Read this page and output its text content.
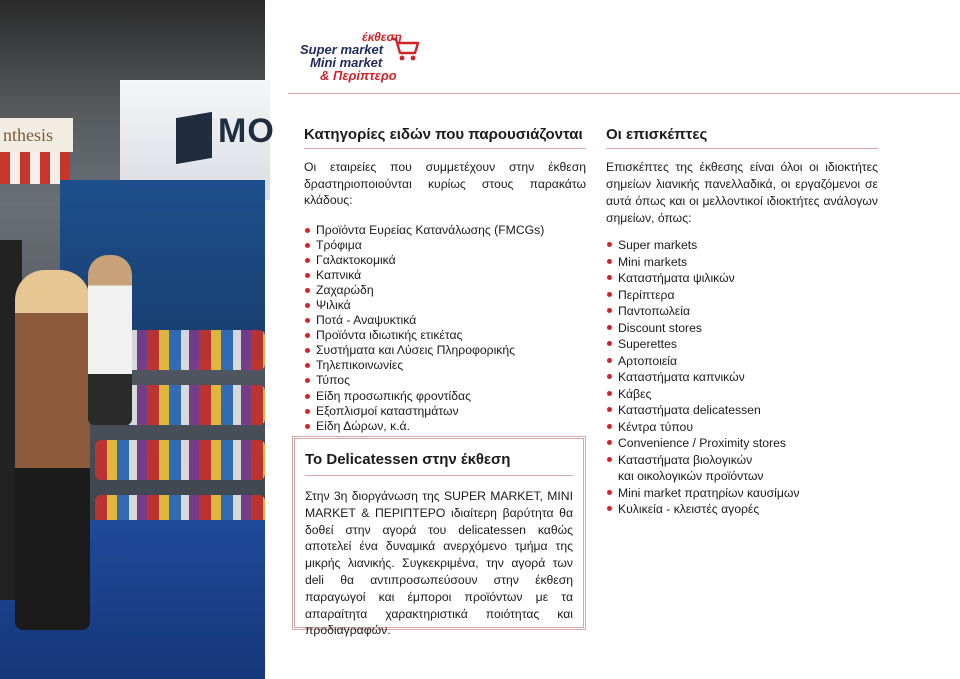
MO
nthesis
έκθεση
Super market
Mini market
& Περίπτερο
Κατηγορίες ειδών που παρουσιάζονται

Οι εταιρείες που συμμετέχουν στην έκθεση δραστηριοποιούνται κυρίως στους παρακάτω κλάδους:

Προϊόντα Ευρείας Κατανάλωσης (FMCGs)
Τρόφιμα
Γαλακτοκομικά
Καπνικά
Ζαχαρώδη
Ψιλικά
Ποτά - Αναψυκτικά
Προϊόντα ιδιωτικής ετικέτας
Συστήματα και Λύσεις Πληροφορικής
Τηλεπικοινωνίες
Τύπος
Είδη προσωπικής φροντίδας
Εξοπλισμοί καταστημάτων
Είδη Δώρων, κ.ά.
Το Delicatessen στην έκθεση

Στην 3η διοργάνωση της SUPER MARKET, MINI MARKET & ΠΕΡΙΠΤΕΡΟ ιδιαίτερη βαρύτητα θα δοθεί στην αγορά του delicatessen καθώς αποτελεί ένα δυναμικά ανερχόμενο τμήμα της μικρής λιανικής. Συγκεκριμένα, την αγορά των deli θα αντιπροσωπεύσουν στην έκθεση παραγωγοί και έμποροι προϊόντων με τα απαραίτητα χαρακτηριστικά ποιότητας και προδιαγραφών.

Οι επισκέπτες

Επισκέπτες της έκθεσης είναι όλοι οι ιδιοκτήτες σημείων λιανικής πανελλαδικά, οι εργαζόμενοι σε αυτά όπως και οι μελλοντικοί ιδιοκτήτες ανάλογων σημείων, όπως:

Super markets
Mini markets
Καταστήματα ψιλικών
Περίπτερα
Παντοπωλεία
Discount stores
Superettes
Αρτοποιεία
Καταστήματα καπνικών
Κάβες
Καταστήματα delicatessen
Κέντρα τύπου
Convenience / Proximity stores
Καταστήματα βιολογικών
και οικολογικών προϊόντων
Mini market πρατηρίων καυσίμων
Κυλικεία - κλειστές αγορές
